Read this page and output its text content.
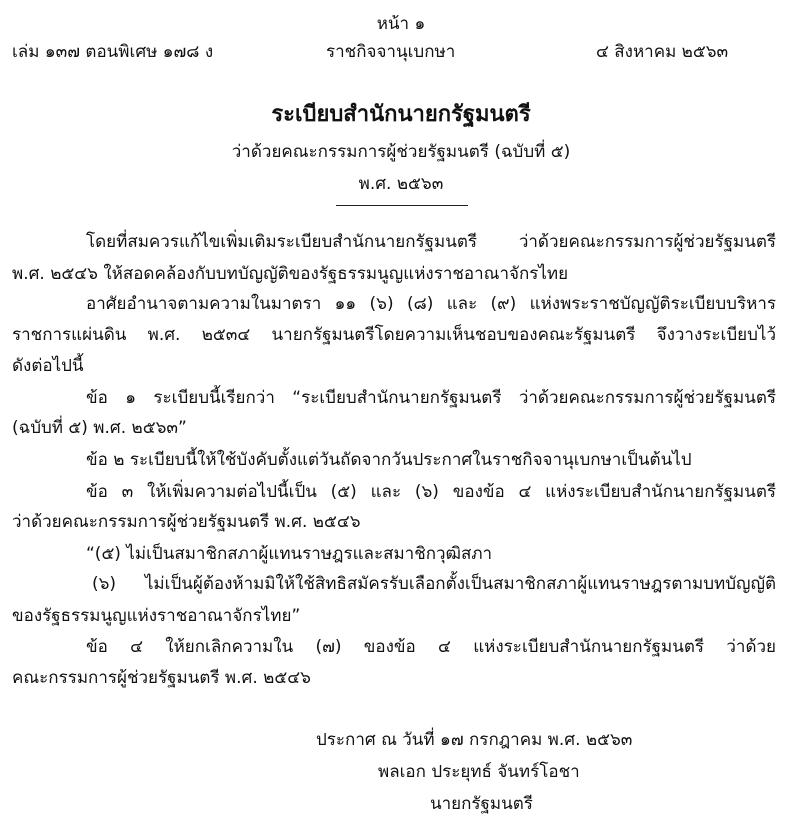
หน้า ๑
เล่ม ๑๓๗ ตอนพิเศษ ๑๗๘ ง	ราชกิจจานุเบกษา	๔ สิงหาคม ๒๕๖๓
ระเบียบสำนักนายกรัฐมนตรี
ว่าด้วยคณะกรรมการผู้ช่วยรัฐมนตรี (ฉบับที่ ๕)
พ.ศ. ๒๕๖๓
โดยที่สมควรแก้ไขเพิ่มเติมระเบียบสำนักนายกรัฐมนตรี ว่าด้วยคณะกรรมการผู้ช่วยรัฐมนตรี
พ.ศ. ๒๕๔๖ ให้สอดคล้องกับบทบัญญัติของรัฐธรรมนูญแห่งราชอาณาจักรไทย
อาศัยอำนาจตามความในมาตรา ๑๑ (๖) (๘) และ (๙) แห่งพระราชบัญญัติระเบียบบริหาร
ราชการแผ่นดิน พ.ศ. ๒๕๓๔ นายกรัฐมนตรีโดยความเห็นชอบของคณะรัฐมนตรี จึงวางระเบียบไว้
ดังต่อไปนี้
ข้อ ๑ ระเบียบนี้เรียกว่า “ระเบียบสำนักนายกรัฐมนตรี ว่าด้วยคณะกรรมการผู้ช่วยรัฐมนตรี
(ฉบับที่ ๕) พ.ศ. ๒๕๖๓”
ข้อ ๒ ระเบียบนี้ให้ใช้บังคับตั้งแต่วันถัดจากวันประกาศในราชกิจจานุเบกษาเป็นต้นไป
ข้อ ๓ ให้เพิ่มความต่อไปนี้เป็น (๕) และ (๖) ของข้อ ๔ แห่งระเบียบสำนักนายกรัฐมนตรี
ว่าด้วยคณะกรรมการผู้ช่วยรัฐมนตรี พ.ศ. ๒๕๔๖
“(๕) ไม่เป็นสมาชิกสภาผู้แทนราษฎรและสมาชิกวุฒิสภา
(๖) ไม่เป็นผู้ต้องห้ามมิให้ใช้สิทธิสมัครรับเลือกตั้งเป็นสมาชิกสภาผู้แทนราษฎรตามบทบัญญัติ
ของรัฐธรรมนูญแห่งราชอาณาจักรไทย”
ข้อ ๔ ให้ยกเลิกความใน (๗) ของข้อ ๔ แห่งระเบียบสำนักนายกรัฐมนตรี ว่าด้วย
คณะกรรมการผู้ช่วยรัฐมนตรี พ.ศ. ๒๕๔๖
ประกาศ ณ วันที่ ๑๗ กรกฎาคม พ.ศ. ๒๕๖๓
พลเอก ประยุทธ์ จันทร์โอชา
นายกรัฐมนตรี
